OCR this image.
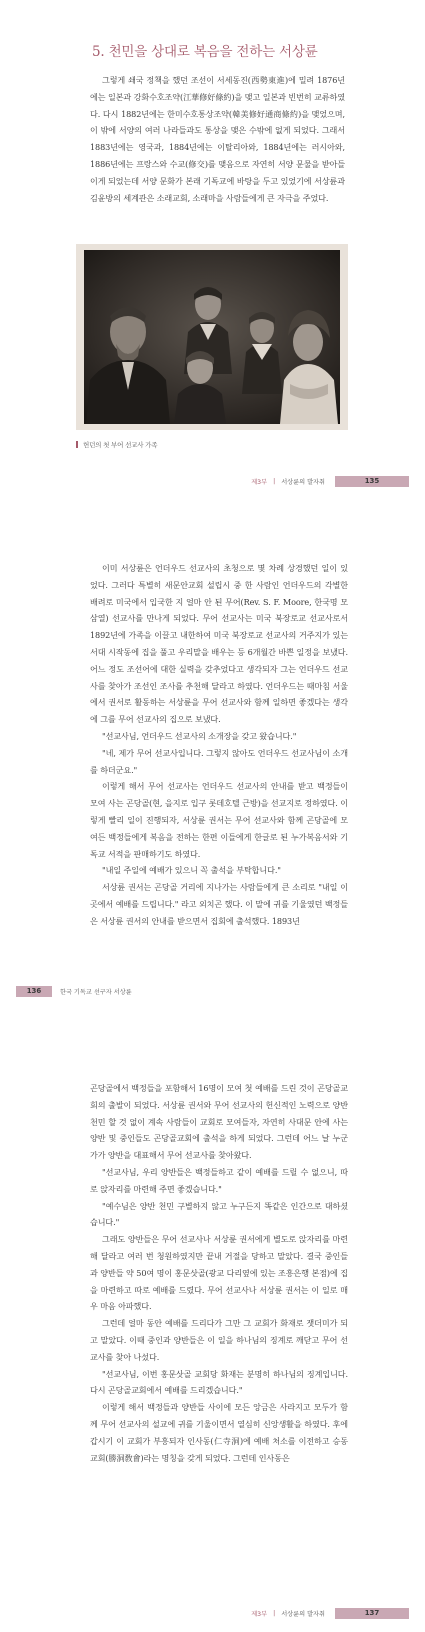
5. 천민을 상대로 복음을 전하는 서상륜

그렇게 쇄국 정책을 했던 조선이 서세동진(西勢東進)에 밀려 1876년에는 일본과 강화수호조약(江華修好條約)을 맺고 일본과 빈번히 교류하였다. 다시 1882년에는 한미수호통상조약(韓美修好通商條約)을 맺었으며, 이 밖에 서양의 여러 나라들과도 통상을 맺은 수밖에 없게 되었다. 그래서 1883년에는 영국과, 1884년에는 이탈리아와, 1884년에는 러시아와, 1886년에는 프랑스와 수교(修交)를 맺음으로 자연히 서양 문물을 받아들이게 되었는데 서양 문화가 본래 기독교에 바탕을 두고 있었기에 서상륜과 김윤방의 세계관은 소래교회, 소래마을 사람들에게 큰 자극을 주었다.

헌던의 첫 부어 선교사 가족
제3부 | 서상륜의 발자취	135

이미 서상륜은 언더우드 선교사의 초청으로 몇 차례 상경했던 일이 있었다. 그러다 특별히 새문안교회 설립시 중 한 사람인 언더우드의 각별한 배려로 미국에서 입국한 지 얼마 안 된 무어(Rev. S. F. Moore, 한국명 모삼열) 선교사를 만나게 되었다. 무어 선교사는 미국 북장로교 선교사로서 1892년에 가족을 이끌고 내한하여 미국 북장로교 선교사의 거주지가 있는 서대 시작동에 집을 풀고 우리말을 배우는 등 6개월간 바쁜 일정을 보냈다. 어느 정도 조선어에 대한 실력을 갖추었다고 생각되자 그는 언더우드 선교사를 찾아가 조선인 조사를 추천해 달라고 하였다. 언더우드는 때마침 서울에서 권서로 활동하는 서상륜을 무어 선교사와 함께 일하면 좋겠다는 생각에 그를 무어 선교사의 집으로 보냈다.

"선교사님, 언더우드 선교사의 소개장을 갖고 왔습니다."

"네, 제가 무어 선교사입니다. 그렇지 않아도 언더우드 선교사님이 소개를 하더군요."

이렇게 해서 무어 선교사는 언더우드 선교사의 안내를 받고 백정들이 모여 사는 곤당골(현, 을지로 입구 롯데호텔 근방)을 선교지로 정하였다. 이렇게 빨리 일이 진행되자, 서상륜 권서는 무어 선교사와 함께 곤당골에 모여든 백정들에게 복음을 전하는 한편 이들에게 한글로 된 누가복음서와 기독교 서적을 판매하기도 하였다.

"내일 주일에 예배가 있으니 꼭 출석을 부탁합니다."

서상륜 권서는 곤당골 거리에 지나가는 사람들에게 큰 소리로 "내일 이곳에서 예배를 드립니다." 라고 외치곤 했다. 이 말에 귀를 기울였던 백정들은 서상륜 권서의 안내를 받으면서 집회에 출석했다. 1893년

136	한국 기독교 선구자 서상륜

곤당골에서 백정들을 포함해서 16명이 모여 첫 예배를 드린 것이 곤당골교회의 출발이 되었다. 서상륜 권서와 무어 선교사의 헌신적인 노력으로 양반 천민 할 것 없이 계속 사람들이 교회로 모여들자, 자연히 사대문 안에 사는 양반 및 중인들도 곤당골교회에 출석을 하게 되었다. 그런데 어느 날 누군가가 양반을 대표해서 무어 선교사를 찾아왔다.

"선교사님, 우리 양반들은 백정들하고 같이 예배를 드릴 수 없으니, 따로 앉자리를 마련해 주면 좋겠습니다."

"예수님은 양반 천민 구별하지 않고 누구든지 똑같은 인간으로 대하셨습니다."

그래도 양반들은 무어 선교사나 서상륜 권서에게 별도로 앉자리를 마련해 달라고 여러 번 청원하였지만 끝내 거절을 당하고 말았다. 결국 중인들과 양반들 약 50여 명이 홍문삿골(광교 다리옆에 있는 조흥은행 본점)에 집을 마련하고 따로 예배를 드렸다. 무어 선교사나 서상륜 권서는 이 일로 매우 마음 아파했다.

그런데 얼마 동안 예배를 드리다가 그만 그 교회가 화재로 잿더미가 되고 말았다. 이때 중인과 양반들은 이 일을 하나님의 징계로 깨닫고 무어 선교사를 찾아 나섰다.

"선교사님, 이번 홍문삿골 교회당 화재는 분명히 하나님의 징계입니다. 다시 곤당골교회에서 예배를 드리겠습니다."

이렇게 해서 백정들과 양반들 사이에 모든 앙금은 사라지고 모두가 함께 무어 선교사의 설교에 귀를 기울이면서 열심히 신앙생활을 하였다. 후에 갑시기 이 교회가 부흥되자 인사동(仁寺洞)에 예배 처소를 이전하고 승동교회(勝洞敎會)라는 명칭을 갖게 되었다. 그런데 인사동은

제3부 | 서상륜의 발자취	137
